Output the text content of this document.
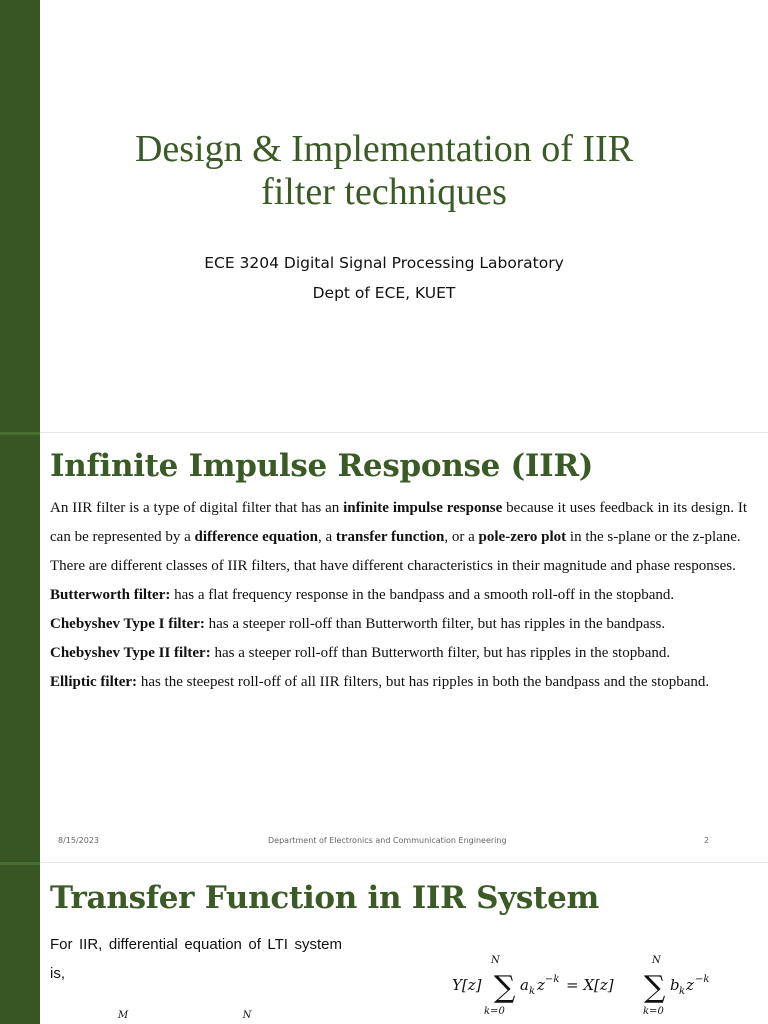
Design & Implementation of IIR
filter techniques
ECE 3204 Digital Signal Processing Laboratory
Dept of ECE, KUET
Infinite Impulse Response (IIR)

An IIR filter is a type of digital filter that has an infinite impulse response because it uses feedback in its design. It can be represented by a difference equation, a transfer function, or a pole-zero plot in the s-plane or the z-plane.

There are different classes of IIR filters, that have different characteristics in their magnitude and phase responses.

Butterworth filter: has a flat frequency response in the bandpass and a smooth roll-off in the stopband.

Chebyshev Type I filter: has a steeper roll-off than Butterworth filter, but has ripples in the bandpass.

Chebyshev Type II filter: has a steeper roll-off than Butterworth filter, but has ripples in the stopband.

Elliptic filter: has the steepest roll-off of all IIR filters, but has ripples in both the bandpass and the stopband.

8/15/2023	Department of Electronics and Communication Engineering	2
Transfer Function in IIR System
For IIR, differential equation of LTI system is,
Y[z]
N
∑
k=0
a k z −k = X[z]
N
∑
k=0
b k z −k
M	N
